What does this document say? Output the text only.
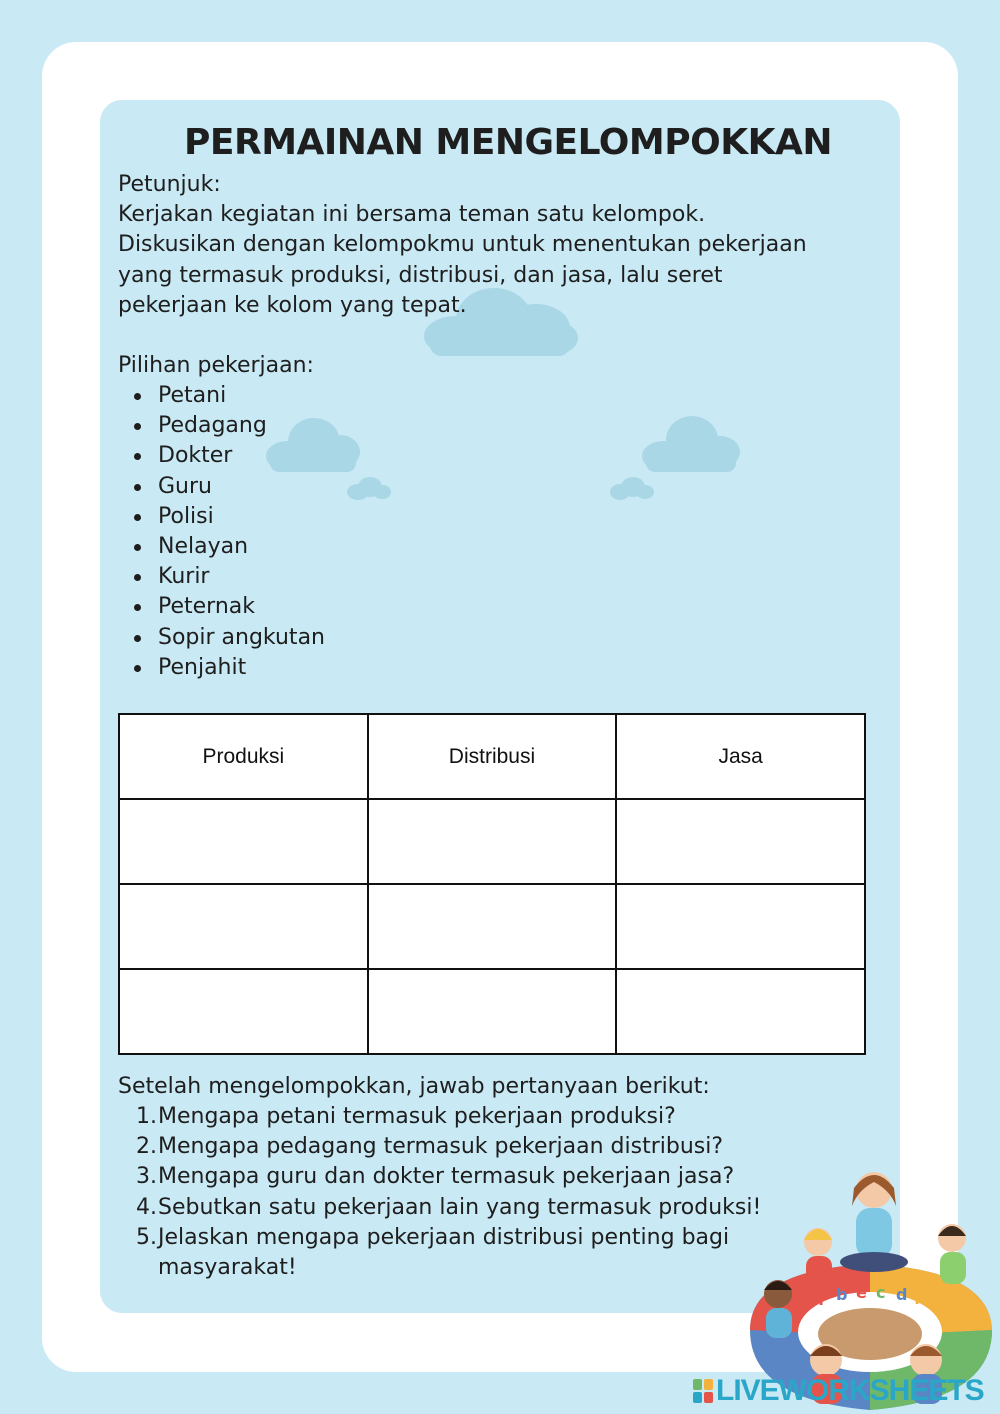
PERMAINAN MENGELOMPOKKAN
Petunjuk:
Kerjakan kegiatan ini bersama teman satu kelompok.
Diskusikan dengan kelompokmu untuk menentukan pekerjaan
yang termasuk produksi, distribusi, dan jasa, lalu seret
pekerjaan ke kolom yang tepat.
Pilihan pekerjaan:
Petani
Pedagang
Dokter
Guru
Polisi
Nelayan
Kurir
Peternak
Sopir angkutan
Penjahit
Produksi	Distribusi	Jasa

Setelah mengelompokkan, jawab pertanyaan berikut:
1. Mengapa petani termasuk pekerjaan produksi?
2. Mengapa pedagang termasuk pekerjaan distribusi?
3. Mengapa guru dan dokter termasuk pekerjaan jasa?
4. Sebutkan satu pekerjaan lain yang termasuk produksi!
5. Jelaskan mengapa pekerjaan distribusi penting bagi masyarakat!
f b e c d f
LIVEWORKSHEETS
